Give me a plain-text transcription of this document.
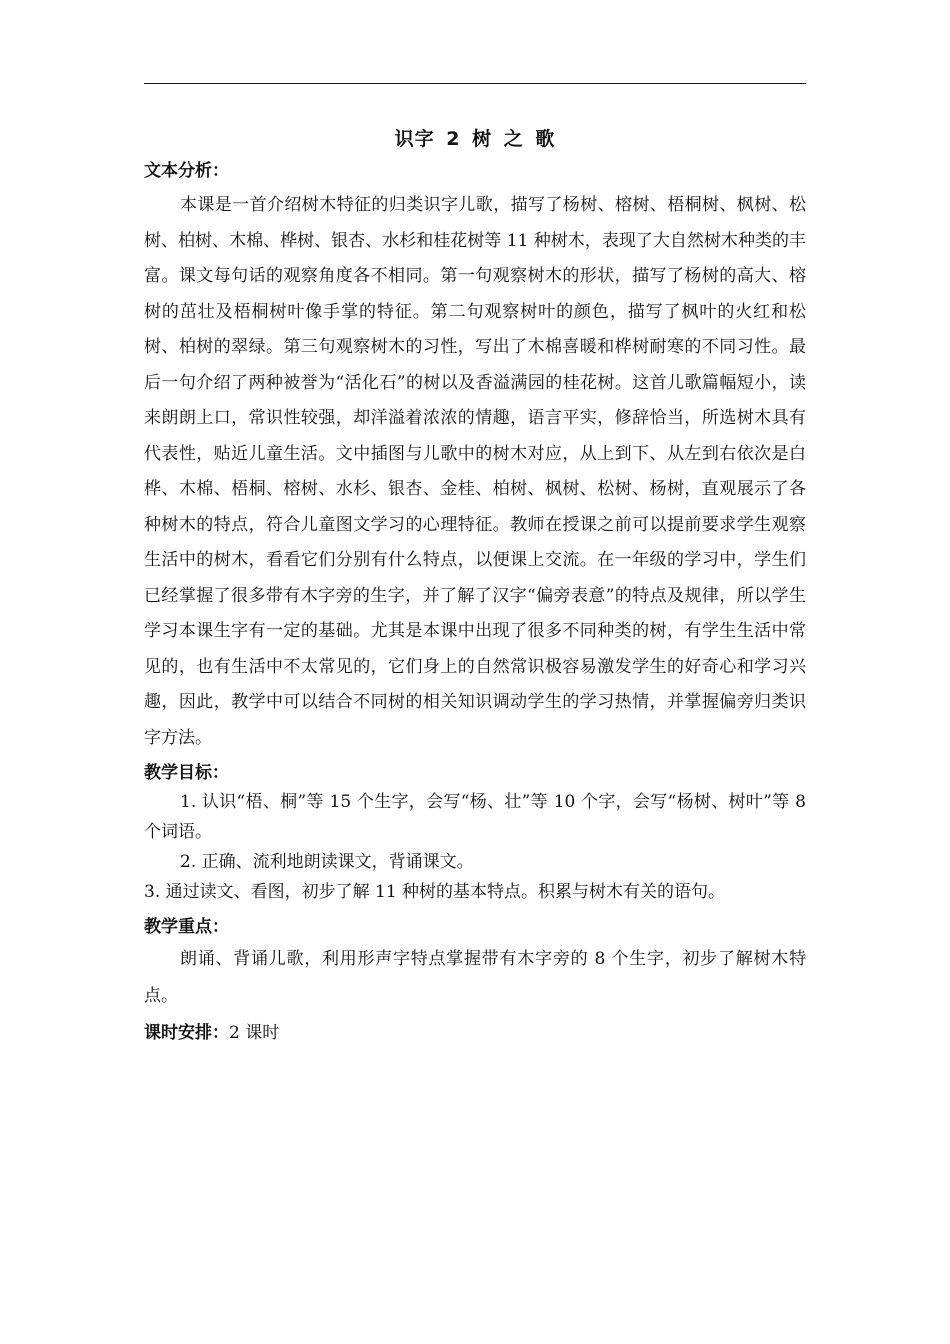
识字 2 树 之 歌

文本分析：

本课是一首介绍树木特征的归类识字儿歌，描写了杨树、榕树、梧桐树、枫树、松树、柏树、木棉、桦树、银杏、水杉和桂花树等 11 种树木，表现了大自然树木种类的丰富。课文每句话的观察角度各不相同。第一句观察树木的形状，描写了杨树的高大、榕树的茁壮及梧桐树叶像手掌的特征。第二句观察树叶的颜色，描写了枫叶的火红和松树、柏树的翠绿。第三句观察树木的习性，写出了木棉喜暖和桦树耐寒的不同习性。最后一句介绍了两种被誉为“活化石”的树以及香溢满园的桂花树。这首儿歌篇幅短小，读来朗朗上口，常识性较强，却洋溢着浓浓的情趣，语言平实，修辞恰当，所选树木具有代表性，贴近儿童生活。文中插图与儿歌中的树木对应，从上到下、从左到右依次是白桦、木棉、梧桐、榕树、水杉、银杏、金桂、柏树、枫树、松树、杨树，直观展示了各种树木的特点，符合儿童图文学习的心理特征。教师在授课之前可以提前要求学生观察生活中的树木，看看它们分别有什么特点，以便课上交流。在一年级的学习中，学生们已经掌握了很多带有木字旁的生字，并了解了汉字“偏旁表意”的特点及规律，所以学生学习本课生字有一定的基础。尤其是本课中出现了很多不同种类的树，有学生生活中常见的，也有生活中不太常见的，它们身上的自然常识极容易激发学生的好奇心和学习兴趣，因此，教学中可以结合不同树的相关知识调动学生的学习热情，并掌握偏旁归类识字方法。

教学目标：

1. 认识“梧、桐”等 15 个生字，会写“杨、壮”等 10 个字，会写“杨树、树叶”等 8 个词语。

2. 正确、流利地朗读课文，背诵课文。

3. 通过读文、看图，初步了解 11 种树的基本特点。积累与树木有关的语句。

教学重点：

朗诵、背诵儿歌，利用形声字特点掌握带有木字旁的 8 个生字，初步了解树木特点。

课时安排：2 课时
